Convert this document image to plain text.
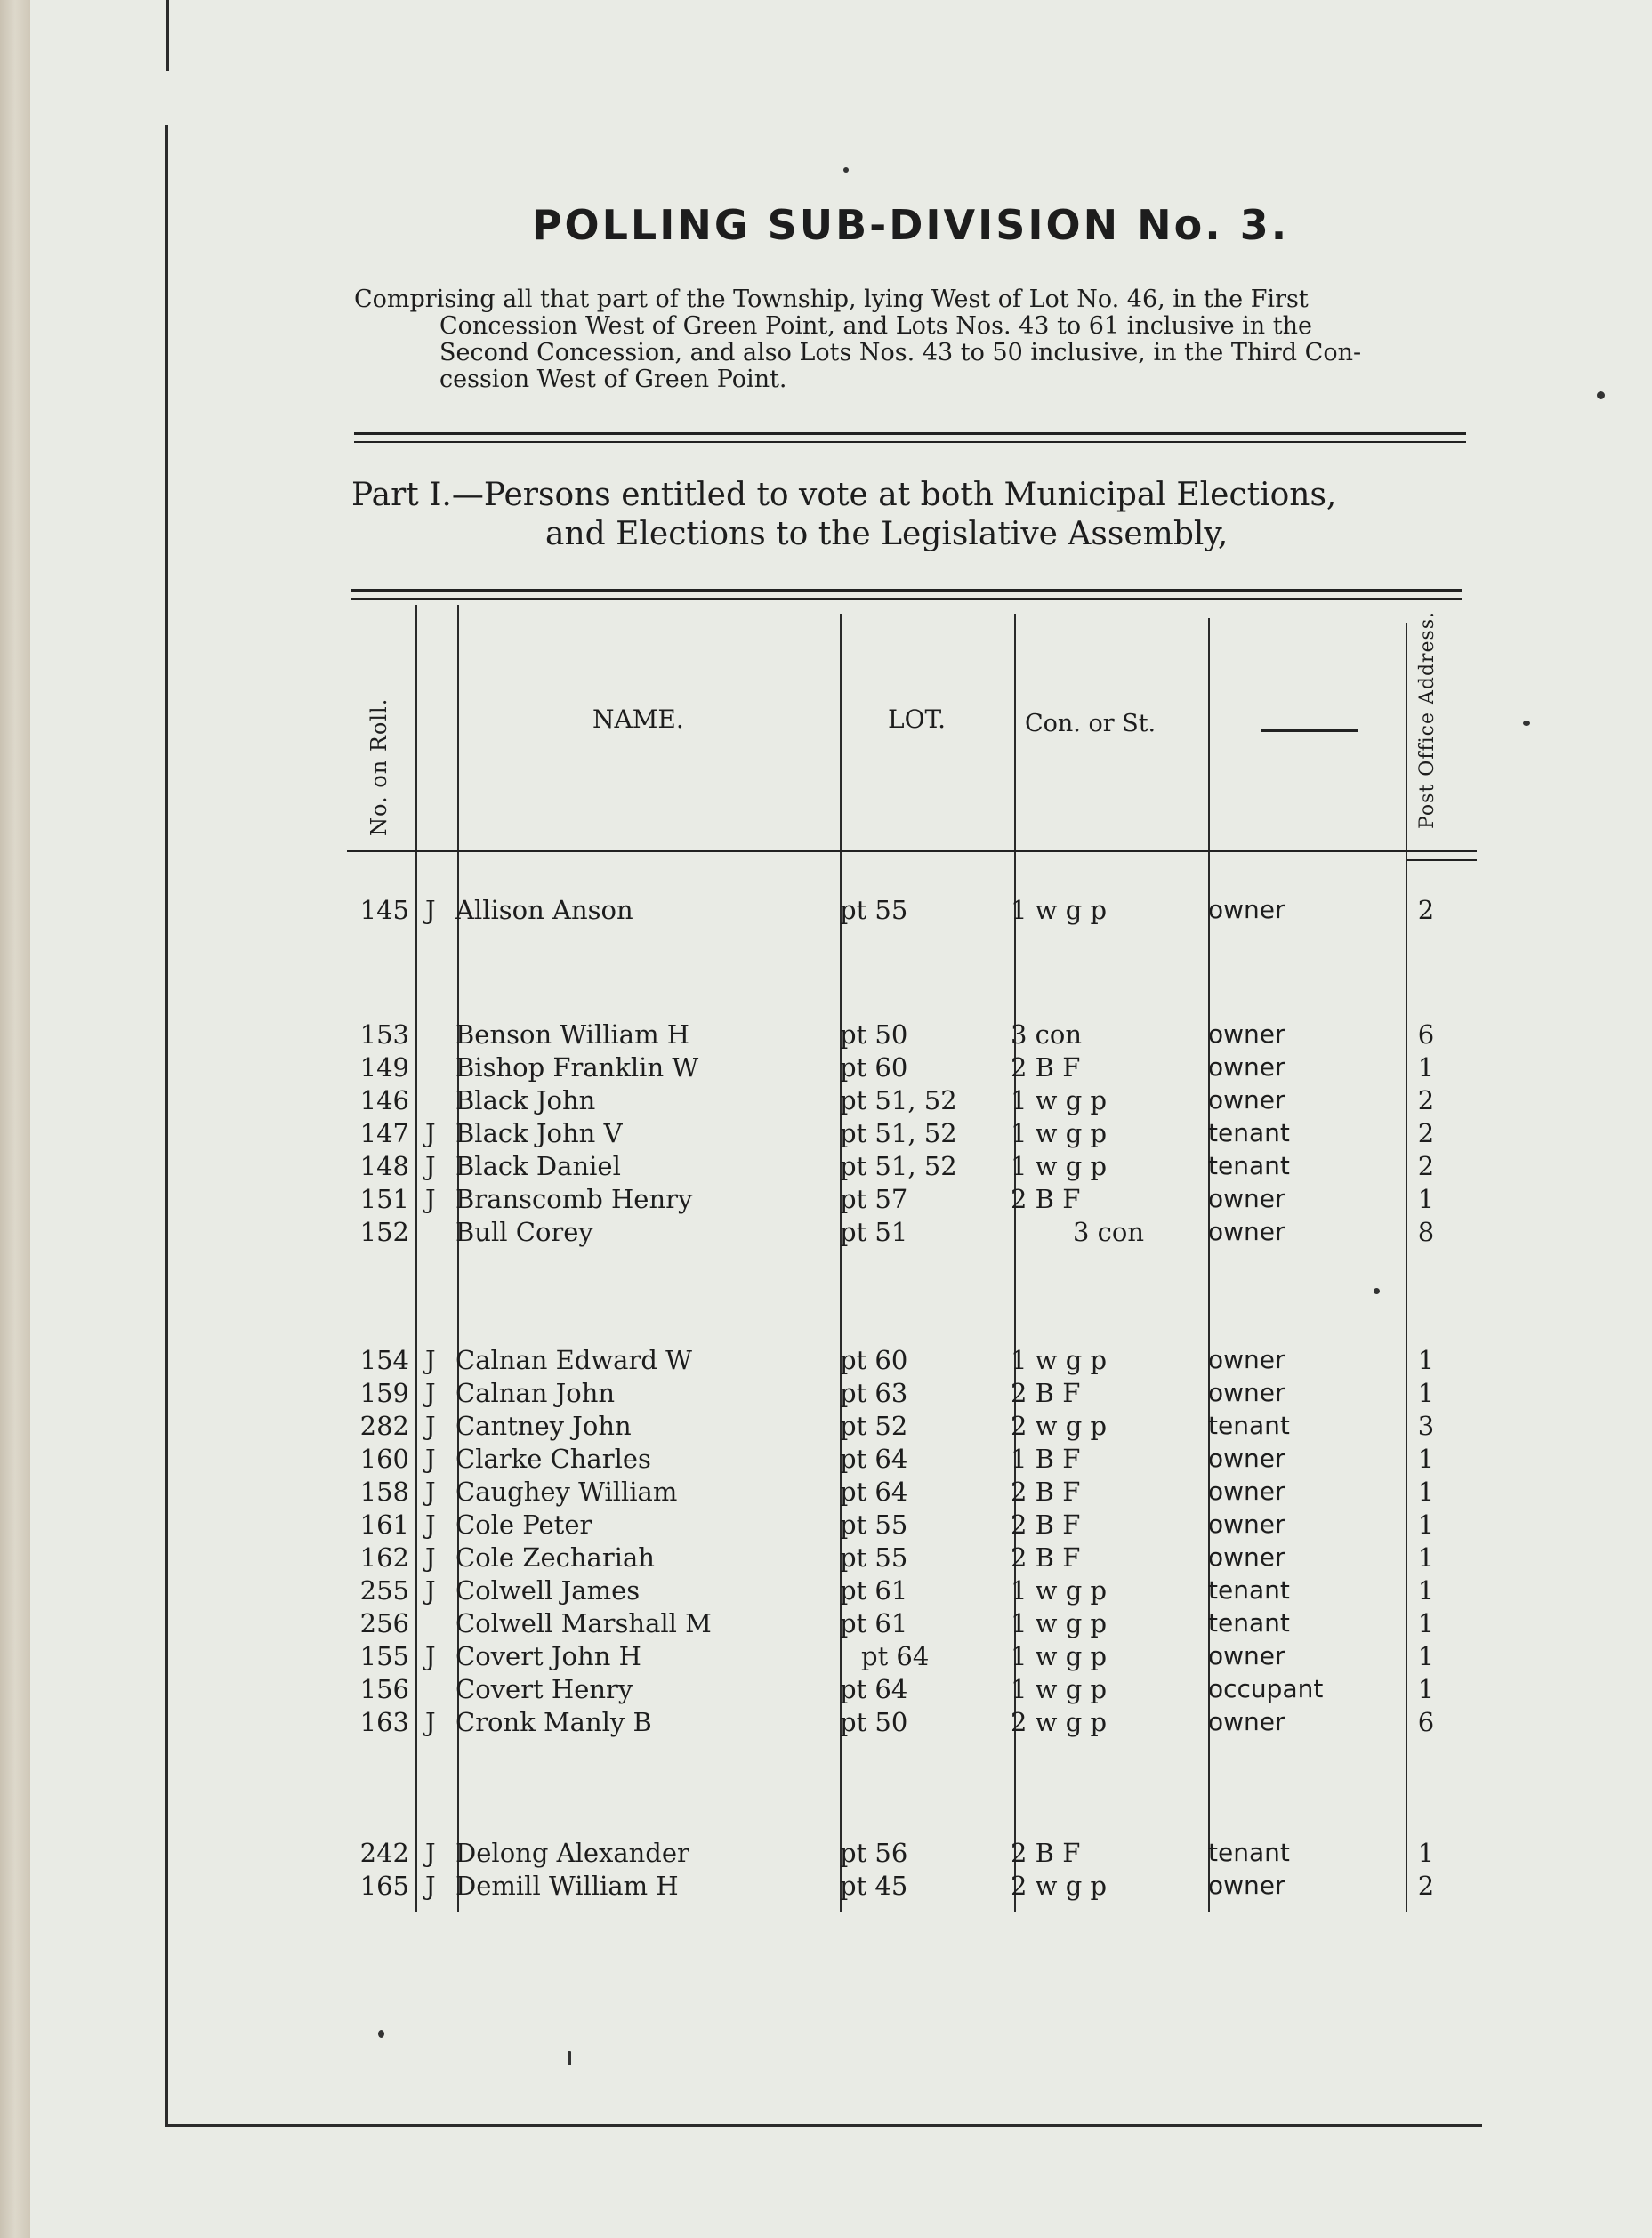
POLLING SUB-DIVISION No. 3.
Comprising all that part of the Township, lying West of Lot No. 46, in the First
Concession West of Green Point, and Lots Nos. 43 to 61 inclusive in the
Second Concession, and also Lots Nos. 43 to 50 inclusive, in the Third Con-
cession West of Green Point.
Part I.—Persons entitled to vote at both Municipal Elections,
and Elections to the Legislative Assembly,
No. on Roll.	NAME.	LOT.	Con. or St.	Post Office Address.
145 J Allison Anson	pt 55	1 w g p	owner	2
153 Benson William H	pt 50	3 con	owner	6
149 Bishop Franklin W	pt 60	2 B F	owner	1
146 Black John	pt 51, 52 1 w g p	owner	2
147 J Black John V	pt 51, 52 1 w g p	tenant	2
148 J Black Daniel	pt 51, 52 1 w g p	tenant	2
151 J Branscomb Henry	pt 57	2 B F	owner	1
152 Bull Corey	pt 51	3 con	owner	8
154 J Calnan Edward W	pt 60	1 w g p	owner	1
159 J Calnan John	pt 63	2 B F	owner	1
282 J Cantney John	pt 52	2 w g p	tenant	3
160 J Clarke Charles	pt 64	1 B F	owner	1
158 J Caughey William	pt 64	2 B F	owner	1
161 J Cole Peter	pt 55	2 B F	owner	1
162 J Cole Zechariah	pt 55	2 B F	owner	1
255 J Colwell James	pt 61	1 w g p	tenant	1
256 Colwell Marshall M	pt 61	1 w g p	tenant	1
155 J Covert John H	pt 64	1 w g p	owner	1
156 Covert Henry	pt 64	1 w g p	occupant	1
163 J Cronk Manly B	pt 50	2 w g p	owner	6
242 J Delong Alexander	pt 56	2 B F	tenant	1
165 J Demill William H	pt 45	2 w g p	owner	2
